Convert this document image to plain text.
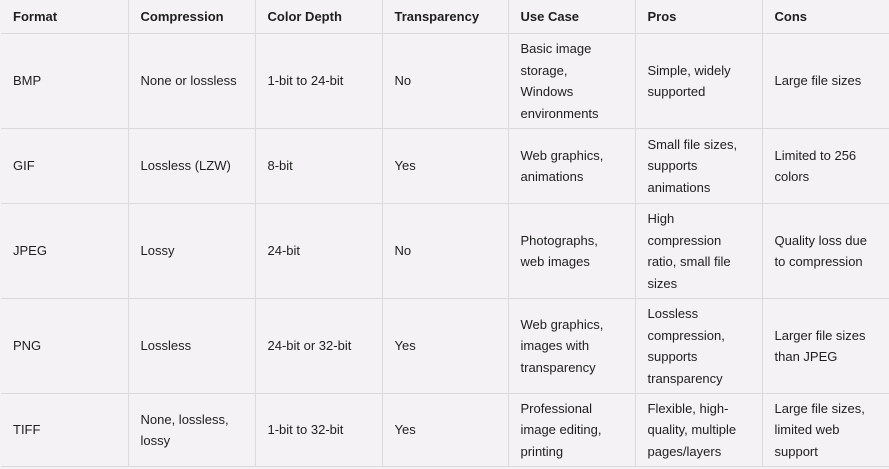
Format	Compression	Color Depth	Transparency	Use Case	Pros	Cons
BMP	None or lossless	1-bit to 24-bit	No	Basic image storage, Windows environments	Simple, widely supported	Large file sizes
GIF	Lossless (LZW)	8-bit	Yes	Web graphics, animations	Small file sizes, supports animations	Limited to 256 colors
JPEG	Lossy	24-bit	No	Photographs, web images	High compression ratio, small file sizes	Quality loss due to compression
PNG	Lossless	24-bit or 32-bit	Yes	Web graphics, images with transparency	Lossless compression, supports transparency	Larger file sizes than JPEG
TIFF	None, lossless, lossy	1-bit to 32-bit	Yes	Professional image editing, printing	Flexible, high-quality, multiple pages/layers	Large file sizes, limited web support
